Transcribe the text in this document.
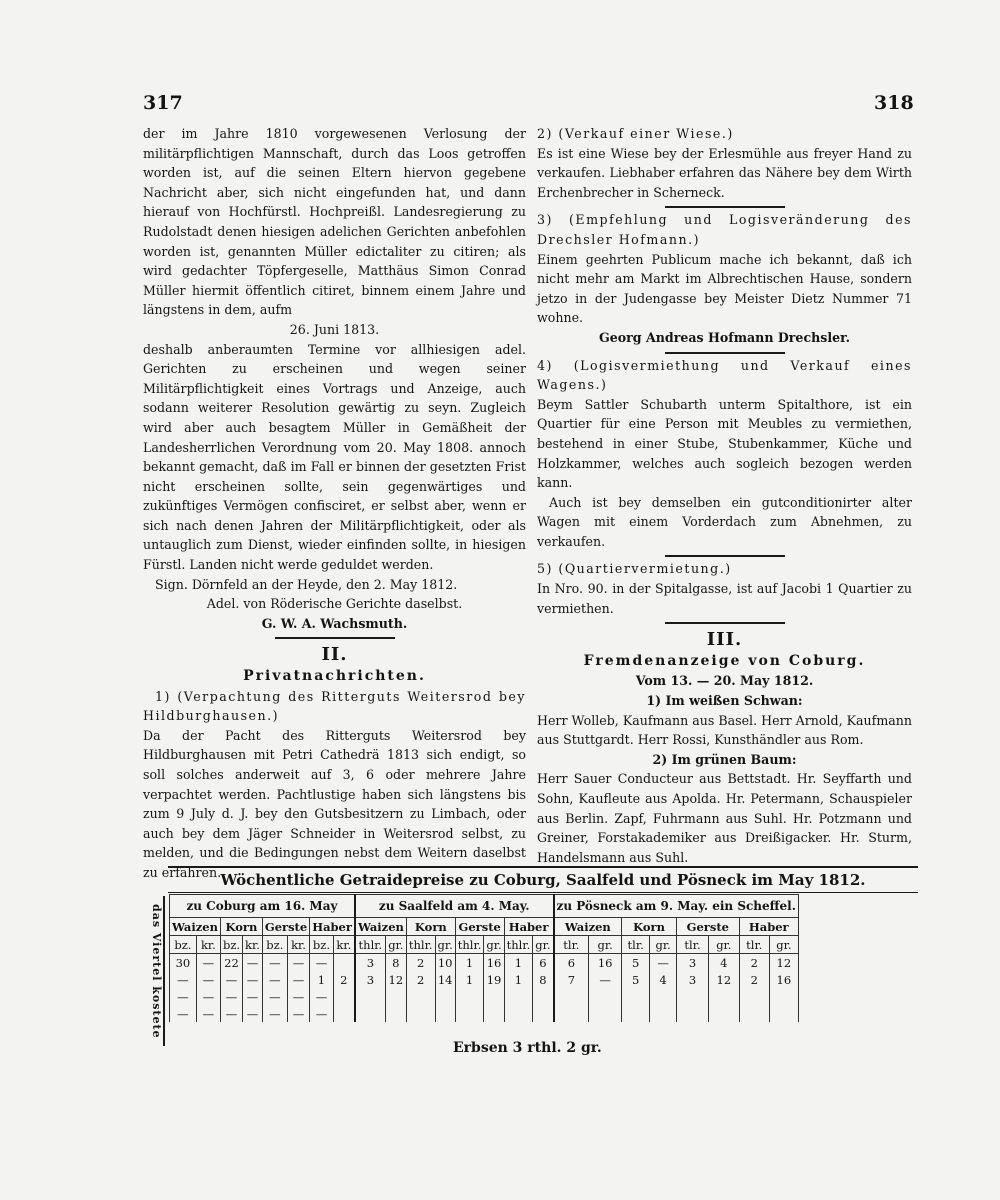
317	318

der im Jahre 1810 vorgewesenen Verlosung der militärpflichtigen Mannschaft, durch das Loos getroffen worden ist, auf die seinen Eltern hiervon gegebene Nachricht aber, sich nicht eingefunden hat, und dann hierauf von Hochfürstl. Hochpreißl. Landesregierung zu Rudolstadt denen hiesigen adelichen Gerichten anbefohlen worden ist, genannten Müller edictaliter zu citiren; als wird gedachter Töpfergeselle, Matthäus Simon Conrad Müller hiermit öffentlich citiret, binnem einem Jahre und längstens in dem, aufm

26. Juni 1813.

deshalb anberaumten Termine vor allhiesigen adel. Gerichten zu erscheinen und wegen seiner Militärpflichtigkeit eines Vortrags und Anzeige, auch sodann weiterer Resolution gewärtig zu seyn. Zugleich wird aber auch besagtem Müller in Gemäßheit der Landesherrlichen Verordnung vom 20. May 1808. annoch bekannt gemacht, daß im Fall er binnen der gesetzten Frist nicht erscheinen sollte, sein gegenwärtiges und zukünftiges Vermögen confisciret, er selbst aber, wenn er sich nach denen Jahren der Militärpflichtigkeit, oder als untauglich zum Dienst, wieder einfinden sollte, in hiesigen Fürstl. Landen nicht werde geduldet werden.

Sign. Dörnfeld an der Heyde, den 2. May 1812.

Adel. von Röderische Gerichte daselbst.

G. W. A. Wachsmuth.

II.
Privatnachrichten.

1) (Verpachtung des Ritterguts Weitersrod bey Hildburghausen.)

Da der Pacht des Ritterguts Weitersrod bey Hildburghausen mit Petri Cathedrä 1813 sich endigt, so soll solches anderweit auf 3, 6 oder mehrere Jahre verpachtet werden. Pachtlustige haben sich längstens bis zum 9 July d. J. bey den Gutsbesitzern zu Limbach, oder auch bey dem Jäger Schneider in Weitersrod selbst, zu melden, und die Bedingungen nebst dem Weitern daselbst zu erfahren.

2) (Verkauf einer Wiese.)

Es ist eine Wiese bey der Erlesmühle aus freyer Hand zu verkaufen. Liebhaber erfahren das Nähere bey dem Wirth Erchenbrecher in Scherneck.

3) (Empfehlung und Logisveränderung des Drechsler Hofmann.)

Einem geehrten Publicum mache ich bekannt, daß ich nicht mehr am Markt im Albrechtischen Hause, sondern jetzo in der Judengasse bey Meister Dietz Nummer 71 wohne.

Georg Andreas Hofmann Drechsler.

4) (Logisvermiethung und Verkauf eines Wagens.)

Beym Sattler Schubarth unterm Spitalthore, ist ein Quartier für eine Person mit Meubles zu vermiethen, bestehend in einer Stube, Stubenkammer, Küche und Holzkammer, welches auch sogleich bezogen werden kann.

Auch ist bey demselben ein gutconditionirter alter Wagen mit einem Vorderdach zum Abnehmen, zu verkaufen.

5) (Quartiervermietung.)

In Nro. 90. in der Spitalgasse, ist auf Jacobi 1 Quartier zu vermiethen.

III.
Fremdenanzeige von Coburg.

Vom 13. — 20. May 1812.

1) Im weißen Schwan:

Herr Wolleb, Kaufmann aus Basel. Herr Arnold, Kaufmann aus Stuttgardt. Herr Rossi, Kunsthändler aus Rom.

2) Im grünen Baum:

Herr Sauer Conducteur aus Bettstadt. Hr. Seyffarth und Sohn, Kaufleute aus Apolda. Hr. Petermann, Schauspieler aus Berlin. Zapf, Fuhrmann aus Suhl. Hr. Potzmann und Greiner, Forstakademiker aus Dreißigacker. Hr. Sturm, Handelsmann aus Suhl.

Wöchentliche Getraidepreise zu Coburg, Saalfeld und Pösneck im May 1812.
das Viertel kostete zu Coburg am 16. May								zu Saalfeld am 4. May.								zu Pösneck am 9. May. ein Scheffel.							
Waizen		Korn		Gerste		Haber		Waizen		Korn		Gerste		Haber		Waizen		Korn		Gerste		Haber	
bz.	kr.	bz.	kr.	bz.	kr.	bz.	kr.	thlr.	gr.	thlr.	gr.	thlr.	gr.	thlr.	gr.	tlr.	gr.	tlr.	gr.	tlr.	gr.	tlr.	gr.
30	—	22	—	—	—	—		3	8	2	10	1	16	1	6	6	16	5	—	3	4	2	12
—	—	—	—	—	—	1	2	3	12	2	14	1	19	1	8	7	—	5	4	3	12	2	16
—	—	—	—	—	—	—																	
—	—	—	—	—	—	—																	
Erbsen 3 rthl. 2 gr.
